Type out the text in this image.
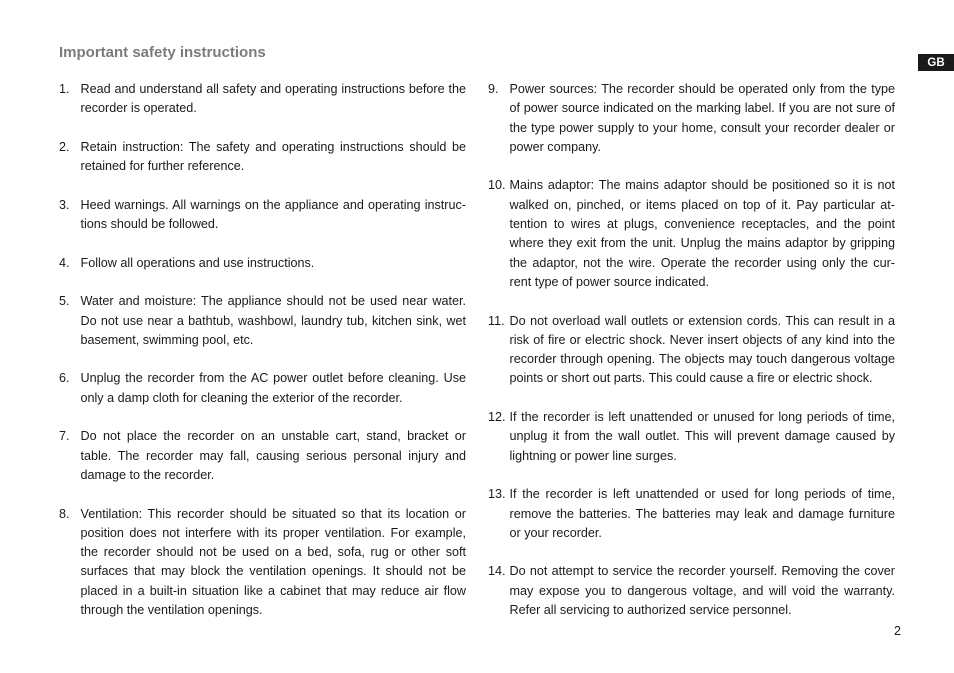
Important safety instructions
GB
1. Read and understand all safety and operating instructions before the recorder is operated.
2. Retain instruction: The safety and operating instructions should be retained for further reference.
3. Heed warnings. All warnings on the appliance and operating instruc-tions should be followed.
4. Follow all operations and use instructions.
5. Water and moisture: The appliance should not be used near water. Do not use near a bathtub, washbowl, laundry tub, kitchen sink, wet basement, swimming pool, etc.
6. Unplug the recorder from the AC power outlet before cleaning. Use only a damp cloth for cleaning the exterior of the recorder.
7. Do not place the recorder on an unstable cart, stand, bracket or table. The recorder may fall, causing serious personal injury and damage to the recorder.
8. Ventilation: This recorder should be situated so that its location or position does not interfere with its proper ventilation. For example, the recorder should not be used on a bed, sofa, rug or other soft surfaces that may block the ventilation openings. It should not be placed in a built-in situation like a cabinet that may reduce air flow through the ventilation openings.
9. Power sources: The recorder should be operated only from the type of power source indicated on the marking label. If you are not sure of the type power supply to your home, consult your recorder dealer or power company.
10. Mains adaptor: The mains adaptor should be positioned so it is not walked on, pinched, or items placed on top of it. Pay particular at-tention to wires at plugs, convenience receptacles, and the point where they exit from the unit. Unplug the mains adaptor by gripping the adaptor, not the wire. Operate the recorder using only the cur-rent type of power source indicated.
11. Do not overload wall outlets or extension cords. This can result in a risk of fire or electric shock. Never insert objects of any kind into the recorder through opening. The objects may touch dangerous voltage points or short out parts. This could cause a fire or electric shock.
12. If the recorder is left unattended or unused for long periods of time, unplug it from the wall outlet. This will prevent damage caused by lightning or power line surges.
13. If the recorder is left unattended or used for long periods of time, remove the batteries. The batteries may leak and damage furniture or your recorder.
14. Do not attempt to service the recorder yourself. Removing the cover may expose you to dangerous voltage, and will void the warranty. Refer all servicing to authorized service personnel.
2
